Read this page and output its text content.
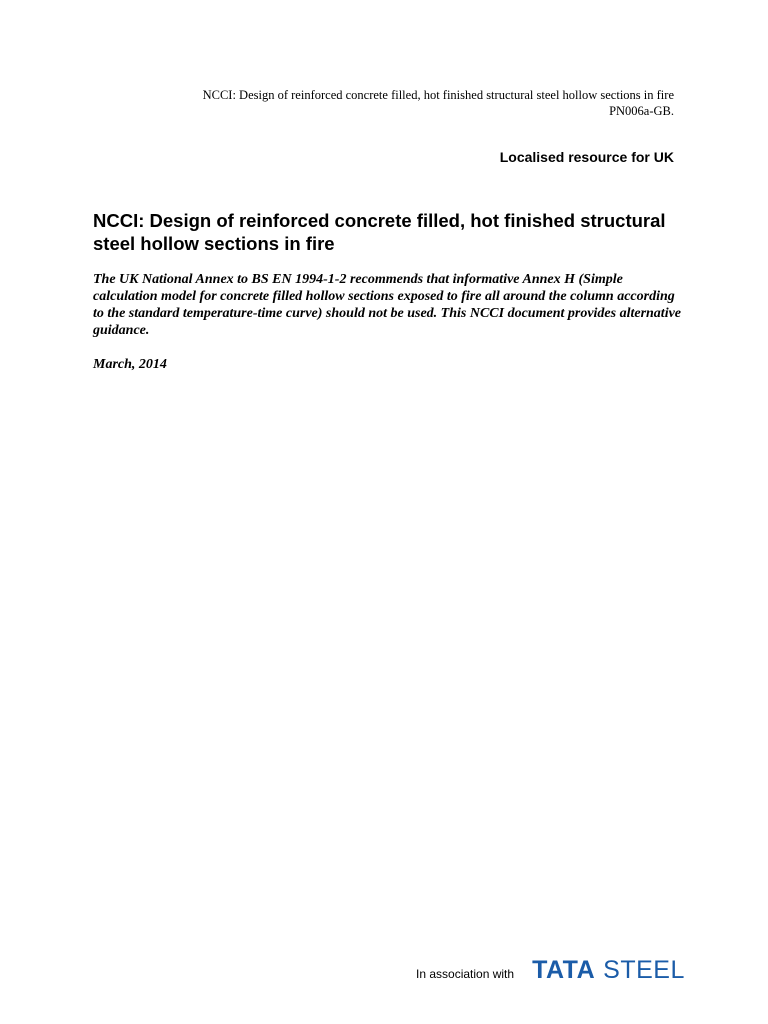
NCCI: Design of reinforced concrete filled, hot finished structural steel hollow sections in fire
PN006a-GB.
Localised resource for UK
NCCI: Design of reinforced concrete filled, hot finished structural steel hollow sections in fire

The UK National Annex to BS EN 1994-1-2 recommends that informative Annex H (Simple calculation model for concrete filled hollow sections exposed to fire all around the column according to the standard temperature-time curve) should not be used. This NCCI document provides alternative guidance.

March, 2014

In association with TATA STEEL
